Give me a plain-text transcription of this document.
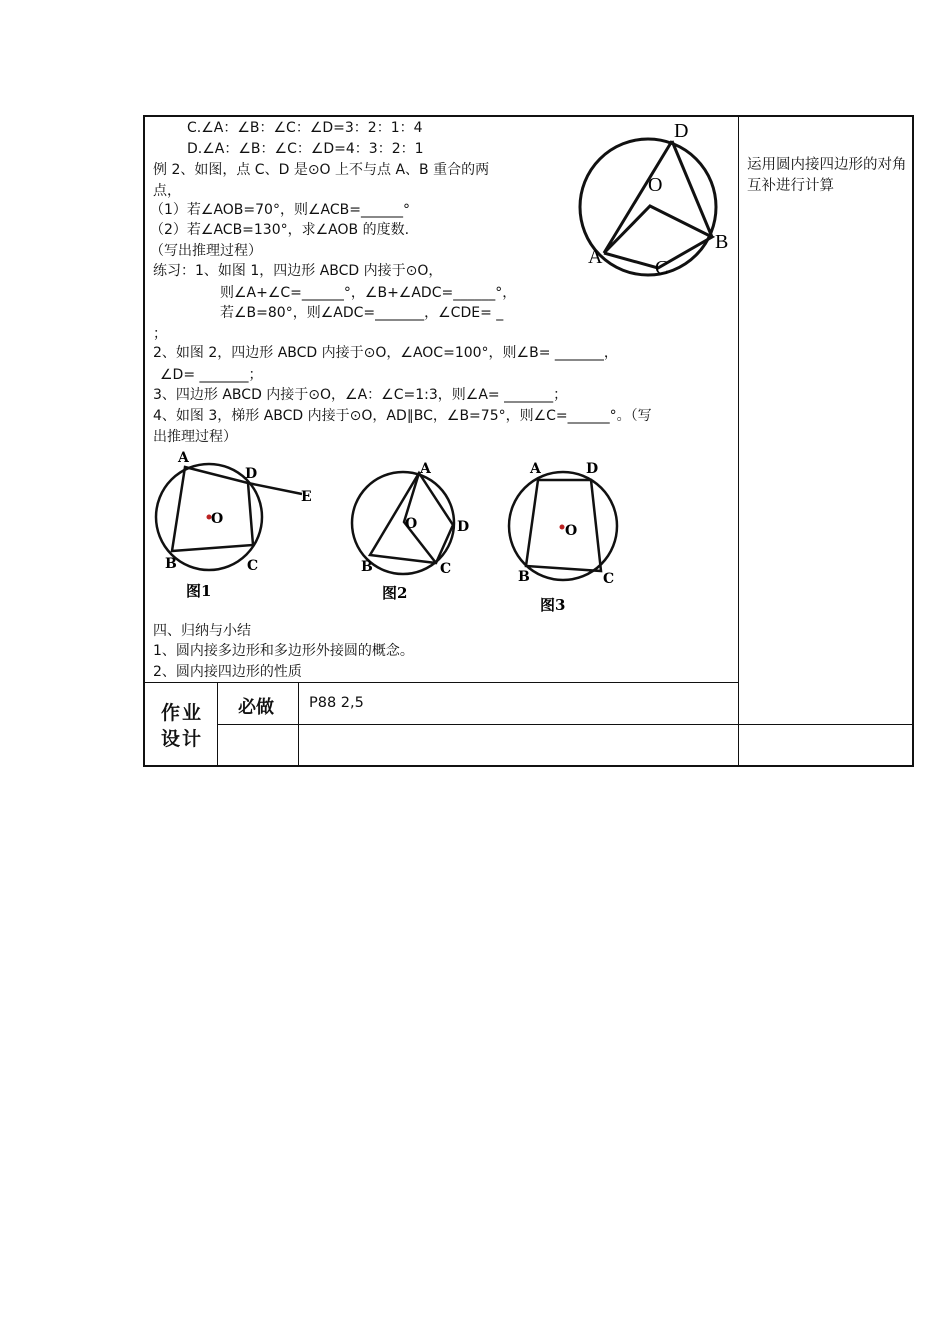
C.∠A：∠B：∠C：∠D=3：2：1：4
D.∠A：∠B：∠C：∠D=4：3：2：1
例 2、如图，点 C、D 是⊙O 上不与点 A、B 重合的两
点，
（1）若∠AOB=70°，则∠ACB=______°
（2）若∠ACB=130°，求∠AOB 的度数.
（写出推理过程）
练习：1、如图 1，四边形 ABCD 内接于⊙O，
则∠A+∠C=______°，∠B+∠ADC=______°，
若∠B=80°，则∠ADC=_______，∠CDE= _
；
2、如图 2，四边形 ABCD 内接于⊙O，∠AOC=100°，则∠B= _______，
∠D= _______；
3、四边形 ABCD 内接于⊙O，∠A：∠C=1:3，则∠A= _______；
4、如图 3，梯形 ABCD 内接于⊙O，AD∥BC，∠B=75°，则∠C=______°。（写
出推理过程）
四、归纳与小结
1、圆内接多边形和多边形外接圆的概念。
2、圆内接四边形的性质
运用圆内接四边形的对角互补进行计算
作业
设计
必做 P88 2,5
D
O
A	C
B
A
D
E
O
B	C
图1
A
O	D
B	C
图2
A	D
O
B	C
图3
